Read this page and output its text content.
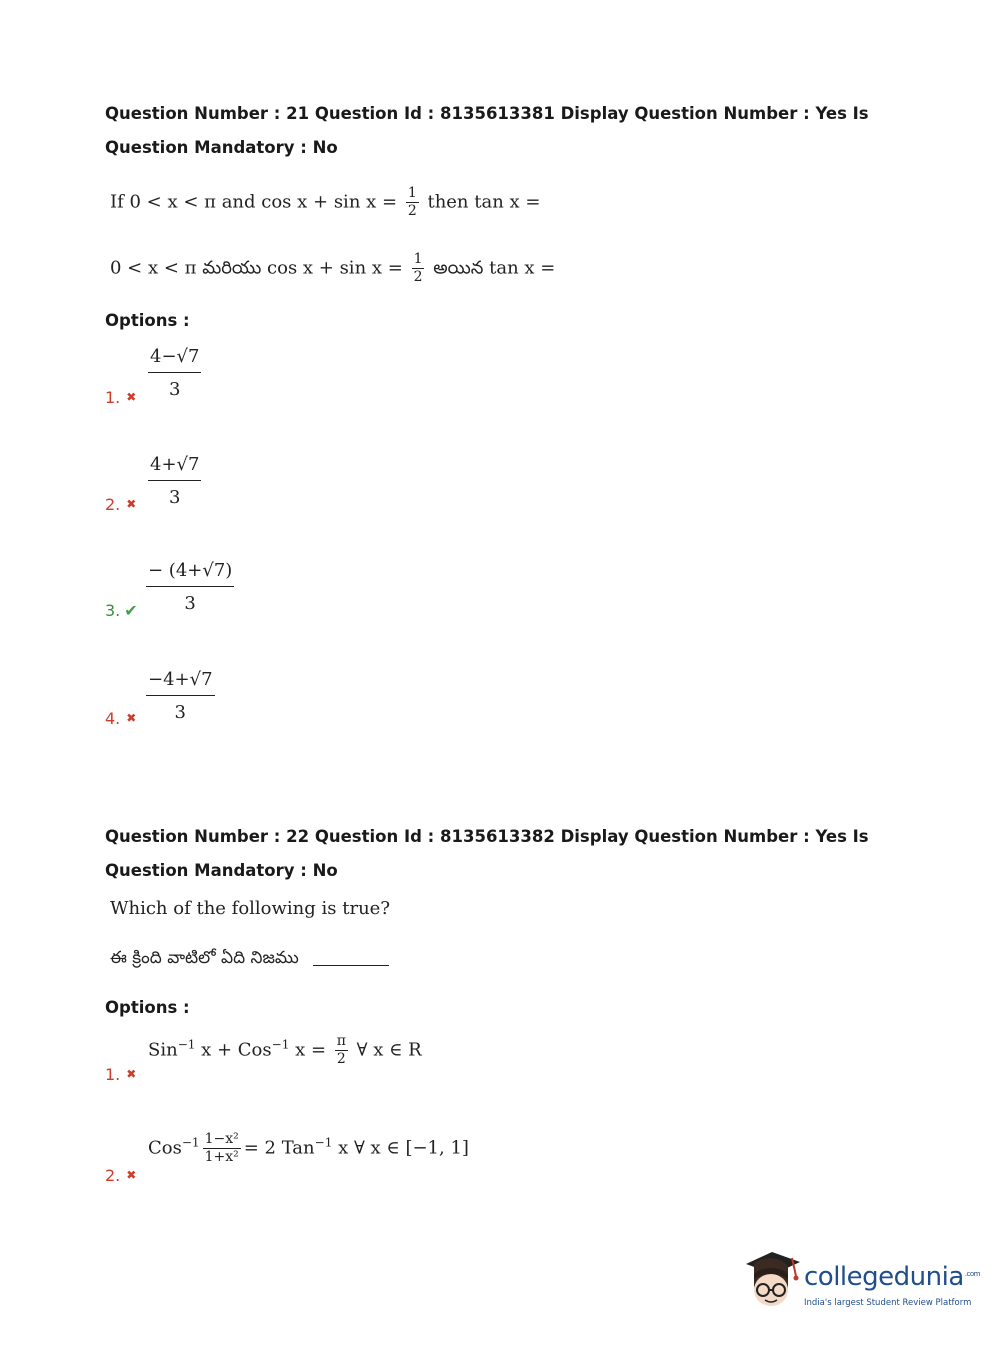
Question Number : 21 Question Id : 8135613381 Display Question Number : Yes Is Question Mandatory : No
If 0 < x < π and $\cos x + \sin x = \frac{1}{2}$ then tan x =
0 < x < π మరియు $\cos x + \sin x = \frac{1}{2}$ అయిన tan x =
Options :
$\frac{4-√7}{3}$
1. ✖
$\frac{4+√7}{3}$
2. ✖
$\frac{- (4+√7)}{3}$
3. ✔
$\frac{-4+√7}{3}$
4. ✖
Question Number : 22 Question Id : 8135613382 Display Question Number : Yes Is Question Mandatory : No
Which of the following is true?
ఈ క్రింది వాటిలో ఏది నిజము
Options :
Sin$^{-1}$ x + Cos$^{-1}$ $x = \frac{\pi}{2}$ ∀ x ∈ R
1. ✖
$Cos^{-1} \frac{\text{1−x²}}{\text{1+x²}} = 2$ Tan$^{-1}$ x ∀ x ∈ [−1, 1]
2. ✖
collegedunia$^{.com}$
India's largest Student Review Platform
